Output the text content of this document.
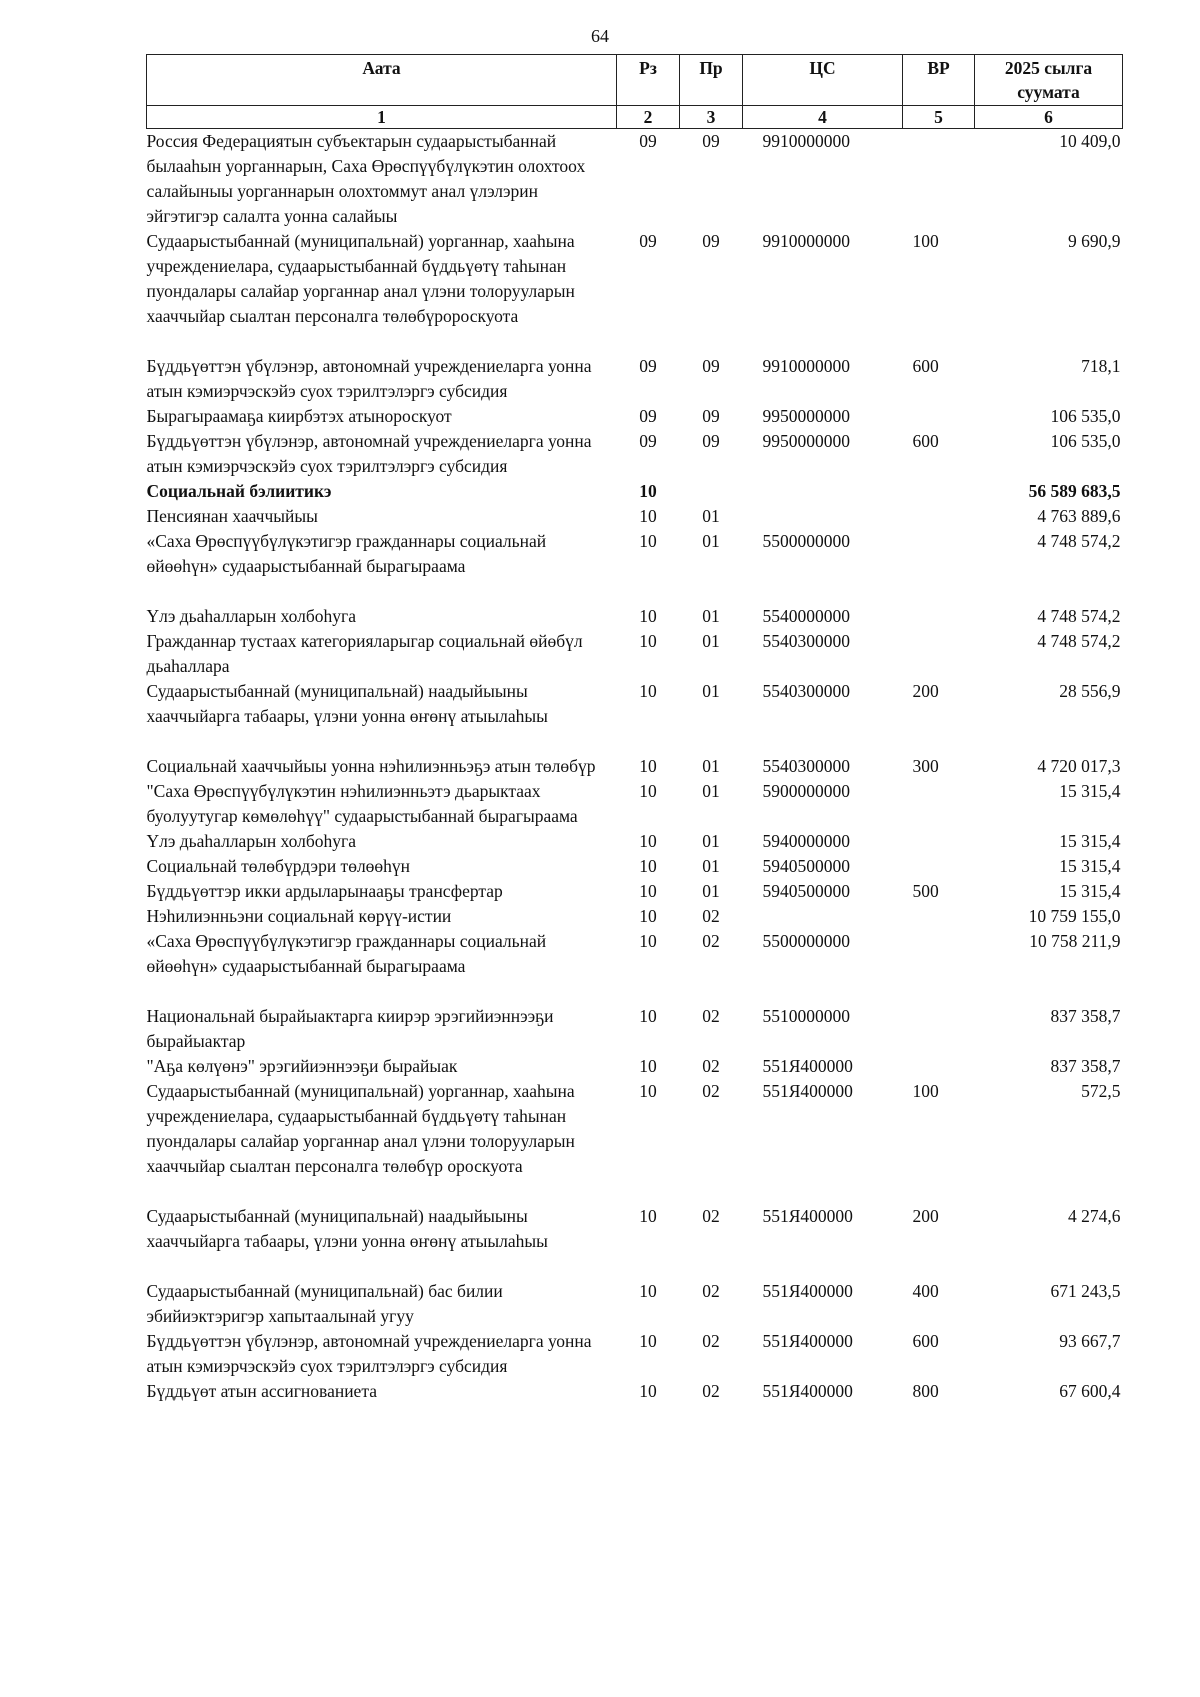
64
Аата	Рз	Пр	ЦС	ВР	2025 сылга суумата
1	2	3	4	5	6
Россия Федерациятын субъектарын судаарыстыбаннай былааһын уорганнарын, Саха Өрөспүүбүлүкэтин олохтоох салайыныы уорганнарын олохтоммут анал үлэлэрин эйгэтигэр салалта уонна салайыы	09	09	9910000000		10 409,0
Судаарыстыбаннай (муниципальнай) уорганнар, хааһына учреждениелара, судаарыстыбаннай бүддьүөтү таһынан пуондалары салайар уорганнар анал үлэни толорууларын хааччыйар сыалтан персоналга төлөбүророскуота	09	09	9910000000	100	9 690,9
Бүддьүөттэн үбүлэнэр, автономнай учреждениеларга уонна атын кэмиэрчэскэйэ суох тэрилтэлэргэ субсидия	09	09	9910000000	600	718,1
Бырагыраамаҕа киирбэтэх атынороскуот	09	09	9950000000		106 535,0
Бүддьүөттэн үбүлэнэр, автономнай учреждениеларга уонна атын кэмиэрчэскэйэ суох тэрилтэлэргэ субсидия	09	09	9950000000	600	106 535,0
Социальнай бэлиитикэ	10				56 589 683,5
Пенсиянан хааччыйыы	10	01			4 763 889,6
«Саха Өрөспүүбүлүкэтигэр гражданнары социальнай өйөөһүн» судаарыстыбаннай бырагыраама	10	01	5500000000		4 748 574,2
Үлэ дьаһалларын холбоһуга	10	01	5540000000		4 748 574,2
Гражданнар тустаах категорияларыгар социальнай өйөбүл дьаһаллара	10	01	5540300000		4 748 574,2
Судаарыстыбаннай (муниципальнай) наадыйыыны хааччыйарга табаары, үлэни уонна өҥөнү атыылаһыы	10	01	5540300000	200	28 556,9
Социальнай хааччыйыы уонна нэһилиэнньэҕэ атын төлөбүр	10	01	5540300000	300	4 720 017,3
"Саха Өрөспүүбүлүкэтин нэһилиэнньэтэ дьарыктаах буолуутугар көмөлөһүү" судаарыстыбаннай бырагыраама	10	01	5900000000		15 315,4
Үлэ дьаһалларын холбоһуга	10	01	5940000000		15 315,4
Социальнай төлөбүрдэри төлөөһүн	10	01	5940500000		15 315,4
Бүддьүөттэр икки ардыларынааҕы трансфертар	10	01	5940500000	500	15 315,4
Нэһилиэнньэни социальнай көрүү-истии	10	02			10 759 155,0
«Саха Өрөспүүбүлүкэтигэр гражданнары социальнай өйөөһүн» судаарыстыбаннай бырагыраама	10	02	5500000000		10 758 211,9
Национальнай бырайыактарга киирэр эрэгийиэннээҕи бырайыактар	10	02	5510000000		837 358,7
"Аҕа көлүөнэ" эрэгийиэннээҕи бырайыак	10	02	551Я400000		837 358,7
Судаарыстыбаннай (муниципальнай) уорганнар, хааһына учреждениелара, судаарыстыбаннай бүддьүөтү таһынан пуондалары салайар уорганнар анал үлэни толорууларын хааччыйар сыалтан персоналга төлөбүр ороскуота	10	02	551Я400000	100	572,5
Судаарыстыбаннай (муниципальнай) наадыйыыны хааччыйарга табаары, үлэни уонна өҥөнү атыылаһыы	10	02	551Я400000	200	4 274,6
Судаарыстыбаннай (муниципальнай) бас билии эбийиэктэригэр хапытаалынай угуу	10	02	551Я400000	400	671 243,5
Бүддьүөттэн үбүлэнэр, автономнай учреждениеларга уонна атын кэмиэрчэскэйэ суох тэрилтэлэргэ субсидия	10	02	551Я400000	600	93 667,7
Бүддьүөт атын ассигнованиета	10	02	551Я400000	800	67 600,4
